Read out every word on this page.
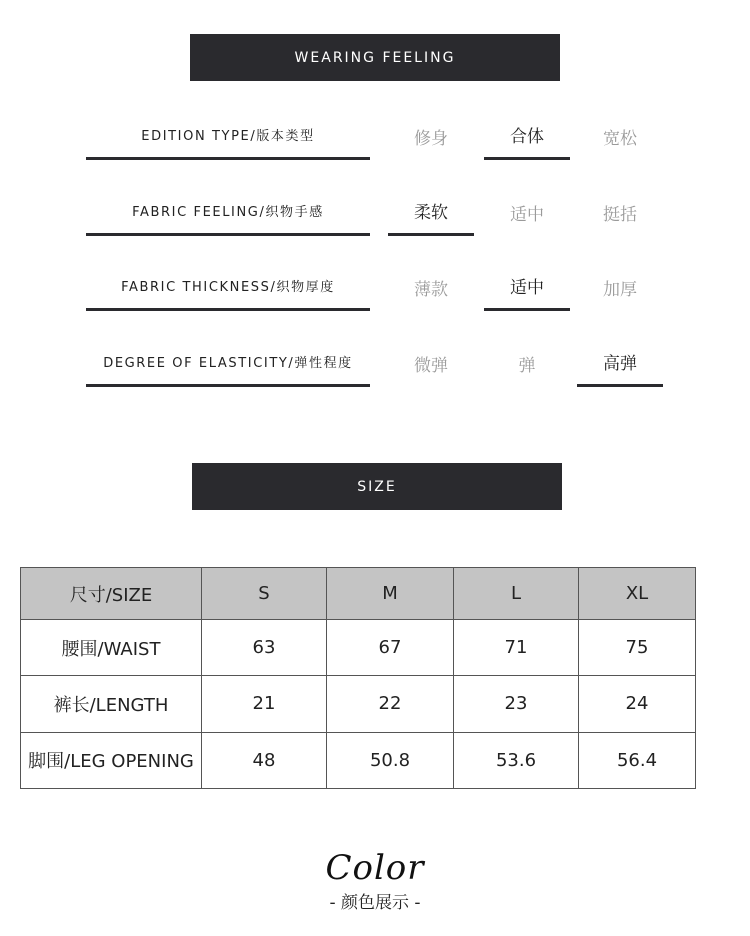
WEARING FEELING
EDITION TYPE/版本类型	修身	合体	宽松
FABRIC FEELING/织物手感	柔软	适中	挺括
FABRIC THICKNESS/织物厚度	薄款	适中	加厚
DEGREE OF ELASTICITY/弹性程度	微弹	弹	高弹
SIZE
尺寸/SIZE	S	M	L	XL
腰围/WAIST	63	67	71	75
裤长/LENGTH	21	22	23	24
脚围/LEG OPENING	48	50.8	53.6	56.4
Color
- 颜色展示 -
